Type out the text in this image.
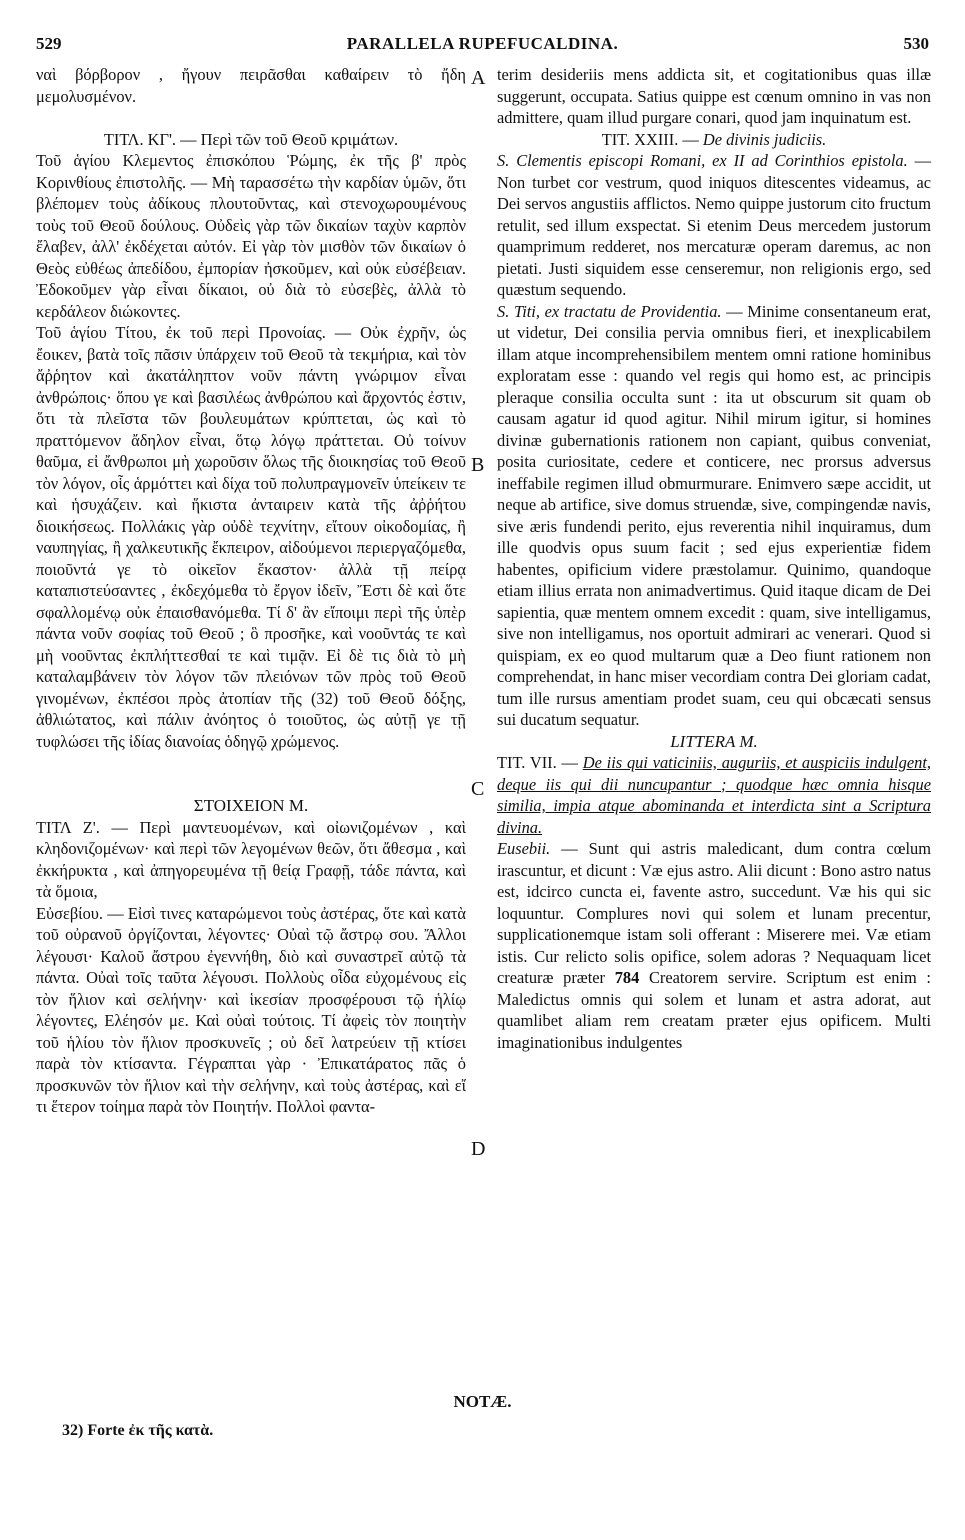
529	PARALLELA RUPEFUCALDINA.	530

ναὶ βόρβορον , ἤγουν πειρᾶσθαι καθαίρειν τὸ ἤδη μεμολυσμένον.

ΤΙΤΛ. ΚΓ'. — Περὶ τῶν τοῦ Θεοῦ κριμάτων.

Τοῦ ἁγίου Κλεμεντος ἐπισκόπου Ῥώμης, ἐκ τῆς β' πρὸς Κορινθίους ἐπιστολῆς. — Μὴ ταρασσέτω τὴν καρδίαν ὑμῶν, ὅτι βλέπομεν τοὺς ἀδίκους πλουτοῦντας, καὶ στενοχωρουμένους τοὺς τοῦ Θεοῦ δούλους. Οὐδεὶς γὰρ τῶν δικαίων ταχὺν καρπὸν ἔλαβεν, ἀλλ' ἐκδέχεται αὐτόν. Εἰ γὰρ τὸν μισθὸν τῶν δικαίων ὁ Θεὸς εὐθέως ἀπεδίδου, ἐμπορίαν ἠσκοῦμεν, καὶ οὐκ εὐσέβειαν. Ἐδοκοῦμεν γὰρ εἶναι δίκαιοι, οὐ διὰ τὸ εὐσεβὲς, ἀλλὰ τὸ κερδάλεον διώκοντες.

Τοῦ ἁγίου Τίτου, ἐκ τοῦ περὶ Προνοίας. — Οὐκ ἐχρῆν, ὡς ἔοικεν, βατὰ τοῖς πᾶσιν ὑπάρχειν τοῦ Θεοῦ τὰ τεκμήρια, καὶ τὸν ἄῤῥητον καὶ ἀκατάληπτον νοῦν πάντη γνώριμον εἶναι ἀνθρώποις· ὅπου γε καὶ βασιλέως ἀνθρώπου καὶ ἄρχοντός ἐστιν, ὅτι τὰ πλεῖστα τῶν βουλευμάτων κρύπτεται, ὡς καὶ τὸ πραττόμενον ἄδηλον εἶναι, ὅτῳ λόγῳ πράττεται. Οὐ τοίνυν θαῦμα, εἰ ἄνθρωποι μὴ χωροῦσιν ὅλως τῆς διοικησίας τοῦ Θεοῦ τὸν λόγον, οἷς ἁρμόττει καὶ δίχα τοῦ πολυπραγμονεῖν ὑπείκειν τε καὶ ἡσυχάζειν. καὶ ἥκιστα ἀνταιρειν κατὰ τῆς ἀῤῥήτου διοικήσεως. Πολλάκις γὰρ οὐδὲ τεχνίτην, εἴτουν οἰκοδομίας, ἢ ναυπηγίας, ἢ χαλκευτικῆς ἔκπειρον, αἰδούμενοι περιεργαζόμεθα, ποιοῦντά γε τὸ οἰκεῖον ἕκαστον· ἀλλὰ τῇ πείρᾳ καταπιστεύσαντες , ἐκδεχόμεθα τὸ ἔργον ἰδεῖν, Ἔστι δὲ καὶ ὅτε σφαλλομένῳ οὐκ ἐπαισθανόμεθα. Τί δ' ἂν εἴποιμι περὶ τῆς ὑπὲρ πάντα νοῦν σοφίας τοῦ Θεοῦ ; ὃ προσῆκε, καὶ νοοῦντάς τε καὶ μὴ νοοῦντας ἐκπλήττεσθαί τε καὶ τιμᾷν. Εἰ δὲ τις διὰ τὸ μὴ καταλαμβάνειν τὸν λόγον τῶν πλειόνων τῶν πρὸς τοῦ Θεοῦ γινομένων, ἐκπέσοι πρὸς ἀτοπίαν τῆς (32) τοῦ Θεοῦ δόξης, ἀθλιώτατος, καὶ πάλιν ἀνόητος ὁ τοιοῦτος, ὡς αὐτῇ γε τῇ τυφλώσει τῆς ἰδίας διανοίας ὁδηγῷ χρώμενος.

ΣΤΟΙΧΕΙΟΝ Μ.

ΤΙΤΛ Ζ'. — Περὶ μαντευομένων, καὶ οἰωνιζομένων , καὶ κληδονιζομένων· καὶ περὶ τῶν λεγομένων θεῶν, ὅτι ἄθεσμα , καὶ ἐκκήρυκτα , καὶ ἀπηγορευμένα τῇ θείᾳ Γραφῇ, τάδε πάντα, καὶ τὰ ὅμοια,

Εὐσεβίου. — Εἰσὶ τινες καταρώμενοι τοὺς ἀστέρας, ὅτε καὶ κατὰ τοῦ οὐρανοῦ ὀργίζονται, λέγοντες· Οὐαὶ τῷ ἄστρῳ σου. Ἄλλοι λέγουσι· Καλοῦ ἄστρου ἐγεννήθη, διὸ καὶ συναστρεῖ αὐτῷ τὰ πάντα. Οὐαὶ τοῖς ταῦτα λέγουσι. Πολλοὺς οἶδα εὐχομένους εἰς τὸν ἥλιον καὶ σελήνην· καὶ ἱκεσίαν προσφέρουσι τῷ ἡλίῳ λέγοντες, Ελέησόν με. Καὶ οὐαὶ τούτοις. Τί ἀφεὶς τὸν ποιητὴν τοῦ ἡλίου τὸν ἥλιον προσκυνεῖς ; οὐ δεῖ λατρεύειν τῇ κτίσει παρὰ τὸν κτίσαντα. Γέγραπται γὰρ · Ἐπικατάρατος πᾶς ὁ προσκυνῶν τὸν ἥλιον καὶ τὴν σελήνην, καὶ τοὺς ἀστέρας, καὶ εἴ τι ἕτερον τοίημα παρὰ τὸν Ποιητήν. Πολλοὶ φαντα-

terim desideriis mens addicta sit, et cogitationibus quas illæ suggerunt, occupata. Satius quippe est cœnum omnino in vas non admittere, quam illud purgare conari, quod jam inquinatum est.

TIT. XXIII. — De divinis judiciis.

S. Clementis episcopi Romani, ex II ad Corinthios epistola. — Non turbet cor vestrum, quod iniquos ditescentes videamus, ac Dei servos angustiis afflictos. Nemo quippe justorum cito fructum retulit, sed illum exspectat. Si etenim Deus mercedem justorum quamprimum redderet, nos mercaturæ operam daremus, ac non pietati. Justi siquidem esse censeremur, non religionis ergo, sed quæstum sequendo.

S. Titi, ex tractatu de Providentia. — Minime consentaneum erat, ut videtur, Dei consilia pervia omnibus fieri, et inexplicabilem illam atque incomprehensibilem mentem omni ratione hominibus exploratam esse : quando vel regis qui homo est, ac principis pleraque consilia occulta sunt : ita ut obscurum sit quam ob causam agatur id quod agitur. Nihil mirum igitur, si homines divinæ gubernationis rationem non capiant, quibus conveniat, posita curiositate, cedere et conticere, nec prorsus adversus ineffabile regimen illud obmurmurare. Enimvero sæpe accidit, ut neque ab artifice, sive domus struendæ, sive, compingendæ navis, sive æris fundendi perito, ejus reverentia nihil inquiramus, dum ille quodvis opus suum facit ; sed ejus experientiæ fidem habentes, opificium videre præstolamur. Quinimo, quandoque etiam illius errata non animadvertimus. Quid itaque dicam de Dei sapientia, quæ mentem omnem excedit : quam, sive intelligamus, sive non intelligamus, nos oportuit admirari ac venerari. Quod si quispiam, ex eo quod multarum quæ a Deo fiunt rationem non comprehendat, in hanc miser vecordiam contra Dei gloriam cadat, tum ille rursus amentiam prodet suam, ceu qui obcæcati sensus sui ducatum sequatur.

LITTERA M.

TIT. VII. — De iis qui vaticiniis, auguriis, et auspiciis indulgent, deque iis qui dii nuncupantur ; quodque hæc omnia hisque similia, impia atque abominanda et interdicta sint a Scriptura divina.

Eusebii. — Sunt qui astris maledicant, dum contra cœlum irascuntur, et dicunt : Væ ejus astro. Alii dicunt : Bono astro natus est, idcirco cuncta ei, favente astro, succedunt. Væ his qui sic loquuntur. Complures novi qui solem et lunam precentur, supplicationemque istam soli offerant : Miserere mei. Væ etiam istis. Cur relicto solis opifice, solem adoras ? Nequaquam licet creaturæ præter 784 Creatorem servire. Scriptum est enim : Maledictus omnis qui solem et lunam et astra adorat, aut quamlibet aliam rem creatam præter ejus opificem. Multi imaginationibus indulgentes

A
B
C
D
NOTÆ.
32) Forte ἐκ τῆς κατὰ.
